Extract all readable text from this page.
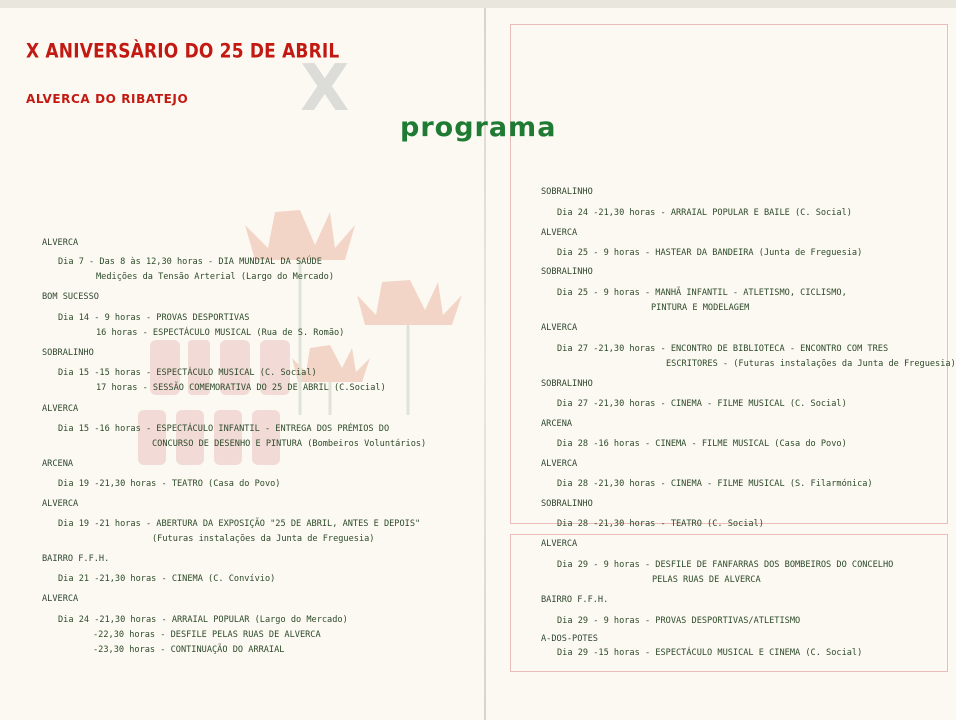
X
X ANIVERSÀRIO DO 25 DE ABRIL
ALVERCA DO RIBATEJO
programa
ALVERCA
Dia 7 - Das 8 às 12,30 horas - DIA MUNDIAL DA SAÚDE
Medições da Tensão Arterial (Largo do Mercado)
BOM SUCESSO
Dia 14 - 9 horas - PROVAS DESPORTIVAS
16 horas - ESPECTÁCULO MUSICAL (Rua de S. Romão)
SOBRALINHO
Dia 15 -15 horas - ESPECTÁCULO MUSICAL (C. Social)
17 horas - SESSÃO COMEMORATIVA DO 25 DE ABRIL (C.Social)
ALVERCA
Dia 15 -16 horas - ESPECTÁCULO INFANTIL - ENTREGA DOS PRÉMIOS DO
CONCURSO DE DESENHO E PINTURA (Bombeiros Voluntários)
ARCENA
Dia 19 -21,30 horas - TEATRO (Casa do Povo)
ALVERCA
Dia 19 -21 horas - ABERTURA DA EXPOSIÇÃO "25 DE ABRIL, ANTES E DEPOIS"
(Futuras instalações da Junta de Freguesia)
BAIRRO F.F.H.
Dia 21 -21,30 horas - CINEMA (C. Convívio)
ALVERCA
Dia 24 -21,30 horas - ARRAIAL POPULAR (Largo do Mercado)
-22,30 horas - DESFILE PELAS RUAS DE ALVERCA
-23,30 horas - CONTINUAÇÃO DO ARRAIAL
SOBRALINHO
Dia 24 -21,30 horas - ARRAIAL POPULAR E BAILE (C. Social)
ALVERCA
Dia 25 - 9 horas - HASTEAR DA BANDEIRA (Junta de Freguesia)
SOBRALINHO
Dia 25 - 9 horas - MANHÃ INFANTIL - ATLETISMO, CICLISMO,
PINTURA E MODELAGEM
ALVERCA
Dia 27 -21,30 horas - ENCONTRO DE BIBLIOTECA - ENCONTRO COM TRES
ESCRITORES - (Futuras instalações da Junta de Freguesia)
SOBRALINHO
Dia 27 -21,30 horas - CINEMA - FILME MUSICAL (C. Social)
ARCENA
Dia 28 -16 horas - CINEMA - FILME MUSICAL (Casa do Povo)
ALVERCA
Dia 28 -21,30 horas - CINEMA - FILME MUSICAL (S. Filarmónica)
SOBRALINHO
Dia 28 -21,30 horas - TEATRO (C. Social)
ALVERCA
Dia 29 - 9 horas - DESFILE DE FANFARRAS DOS BOMBEIROS DO CONCELHO
PELAS RUAS DE ALVERCA
BAIRRO F.F.H.
Dia 29 - 9 horas - PROVAS DESPORTIVAS/ATLETISMO
A-DOS-POTES
Dia 29 -15 horas - ESPECTÁCULO MUSICAL E CINEMA (C. Social)
